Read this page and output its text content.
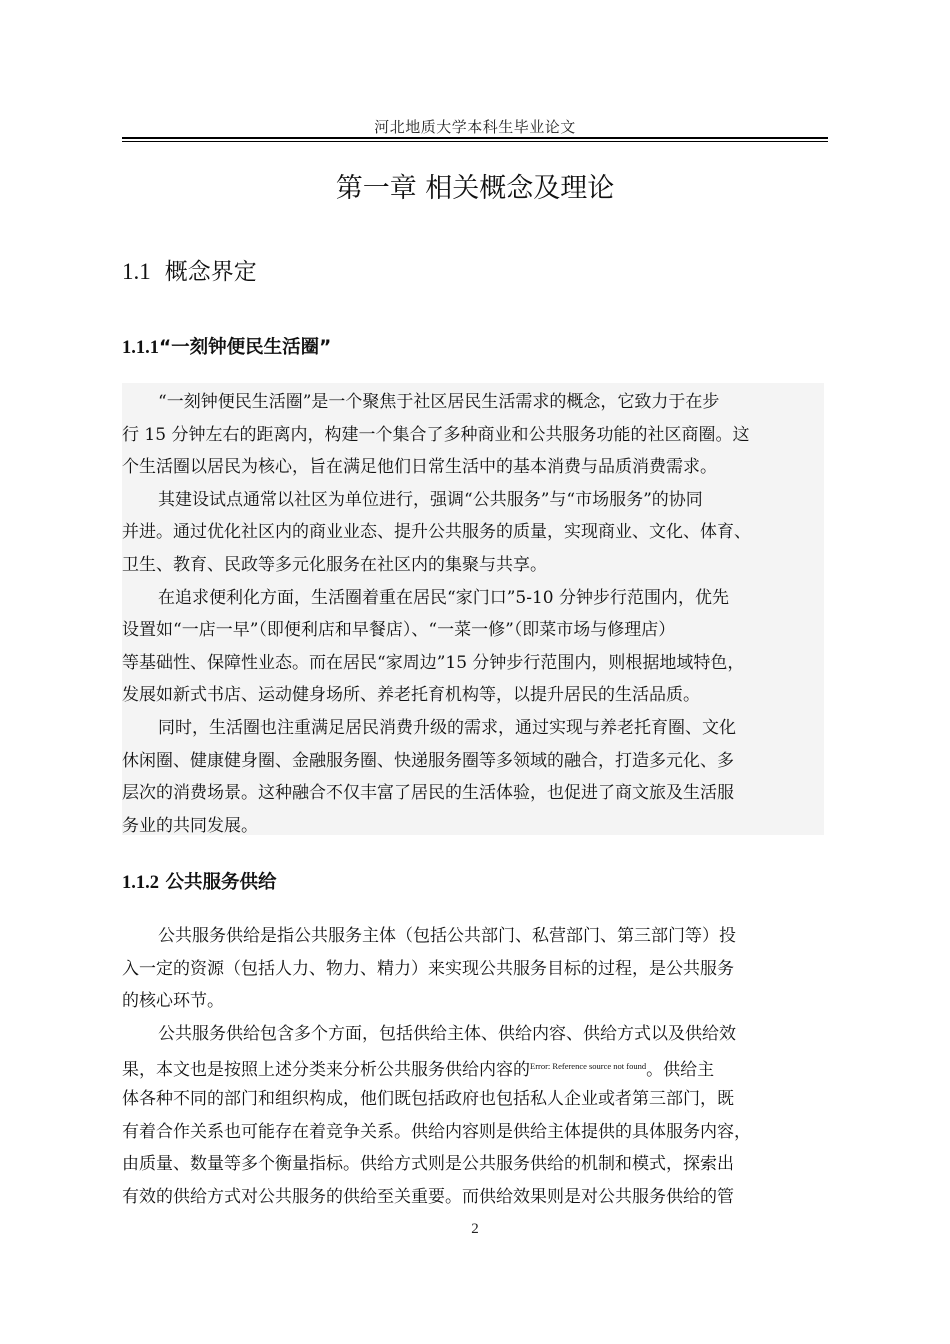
河北地质大学本科生毕业论文
第一章 相关概念及理论
1.1 概念界定
1.1.1“一刻钟便民生活圈”
“一刻钟便民生活圈”是一个聚焦于社区居民生活需求的概念，它致力于在步
行 15 分钟左右的距离内，构建一个集合了多种商业和公共服务功能的社区商圈。这
个生活圈以居民为核心，旨在满足他们日常生活中的基本消费与品质消费需求。
其建设试点通常以社区为单位进行，强调“公共服务”与“市场服务”的协同
并进。通过优化社区内的商业业态、提升公共服务的质量，实现商业、文化、体育、
卫生、教育、民政等多元化服务在社区内的集聚与共享。
在追求便利化方面，生活圈着重在居民“家门口”5-10 分钟步行范围内，优先
设置如“一店一早”（即便利店和早餐店）、“一菜一修”（即菜市场与修理店）
等基础性、保障性业态。而在居民“家周边”15 分钟步行范围内，则根据地域特色，
发展如新式书店、运动健身场所、养老托育机构等，以提升居民的生活品质。
同时，生活圈也注重满足居民消费升级的需求，通过实现与养老托育圈、文化
休闲圈、健康健身圈、金融服务圈、快递服务圈等多领域的融合，打造多元化、多
层次的消费场景。这种融合不仅丰富了居民的生活体验，也促进了商文旅及生活服
务业的共同发展。
1.1.2 公共服务供给
公共服务供给是指公共服务主体（包括公共部门、私营部门、第三部门等）投
入一定的资源（包括人力、物力、精力）来实现公共服务目标的过程，是公共服务
的核心环节。
公共服务供给包含多个方面，包括供给主体、供给内容、供给方式以及供给效
果，本文也是按照上述分类来分析公共服务供给内容的$^{Error: Reference source not found}$。供给主
体各种不同的部门和组织构成，他们既包括政府也包括私人企业或者第三部门，既
有着合作关系也可能存在着竞争关系。供给内容则是供给主体提供的具体服务内容，
由质量、数量等多个衡量指标。供给方式则是公共服务供给的机制和模式，探索出
有效的供给方式对公共服务的供给至关重要。而供给效果则是对公共服务供给的管
2
